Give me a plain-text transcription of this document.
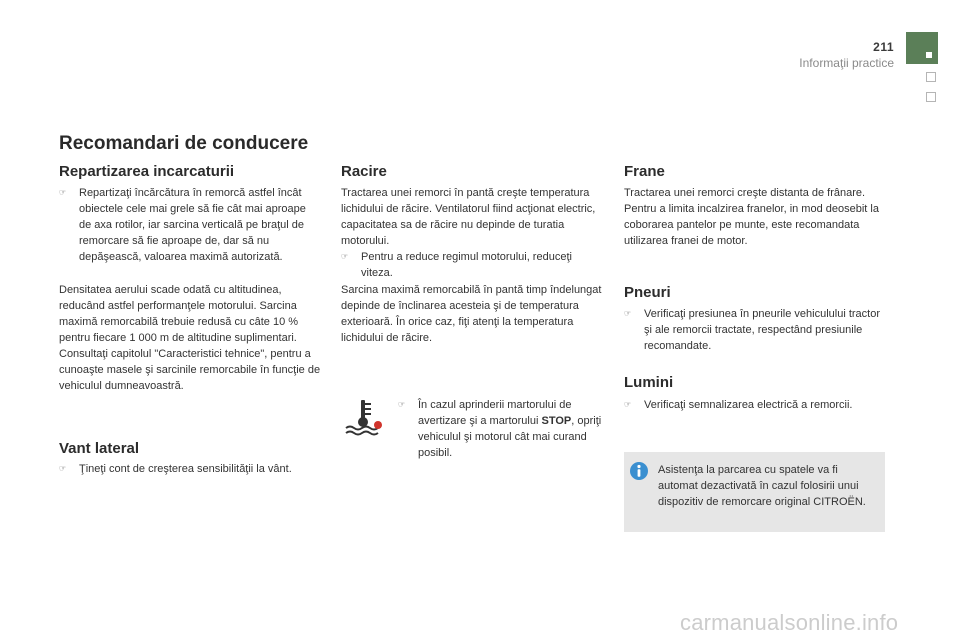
211
Informaţii practice
Recomandari de conducere
Repartizarea incarcaturii
☞	Repartizaţi încărcătura în remorcă astfel încât obiectele cele mai grele să fie cât mai aproape de axa rotilor, iar sarcina verticală pe braţul de remorcare să fie aproape de, dar să nu depăşească, valoarea maximă autorizată.

Densitatea aerului scade odată cu altitudinea, reducând astfel performanţele motorului. Sarcina maximă remorcabilă trebuie redusă cu câte 10 % pentru fiecare 1 000 m de altitudine suplimentari. Consultaţi capitolul "Caracteristici tehnice", pentru a cunoaşte masele şi sarcinile remorcabile în funcţie de vehiculul dumneavoastră.

Vant lateral
☞	Ţineţi cont de creşterea sensibilităţii la vânt.
Racire

Tractarea unei remorci în pantă creşte temperatura lichidului de răcire. Ventilatorul fiind acţionat electric, capacitatea sa de răcire nu depinde de turatia motorului.

☞	Pentru a reduce regimul motorului, reduceţi viteza.

Sarcina maximă remorcabilă în pantă timp îndelungat depinde de înclinarea acesteia şi de temperatura exterioară. În orice caz, fiţi atenţi la temperatura lichidului de răcire.

☞	În cazul aprinderii martorului de avertizare şi a martorului STOP, opriţi vehiculul şi motorul cât mai curand posibil.
Frane

Tractarea unei remorci creşte distanta de frânare. Pentru a limita incalzirea franelor, in mod deosebit la coborarea pantelor pe munte, este recomandata utilizarea franei de motor.

Pneuri
☞	Verificaţi presiunea în pneurile vehiculului tractor şi ale remorcii tractate, respectând presiunile recomandate.
Lumini
☞	Verificaţi semnalizarea electrică a remorcii.
Asistenţa la parcarea cu spatele va fi automat dezactivată în cazul folosirii unui dispozitiv de remorcare original CITROËN.
carmanualsonline.info
